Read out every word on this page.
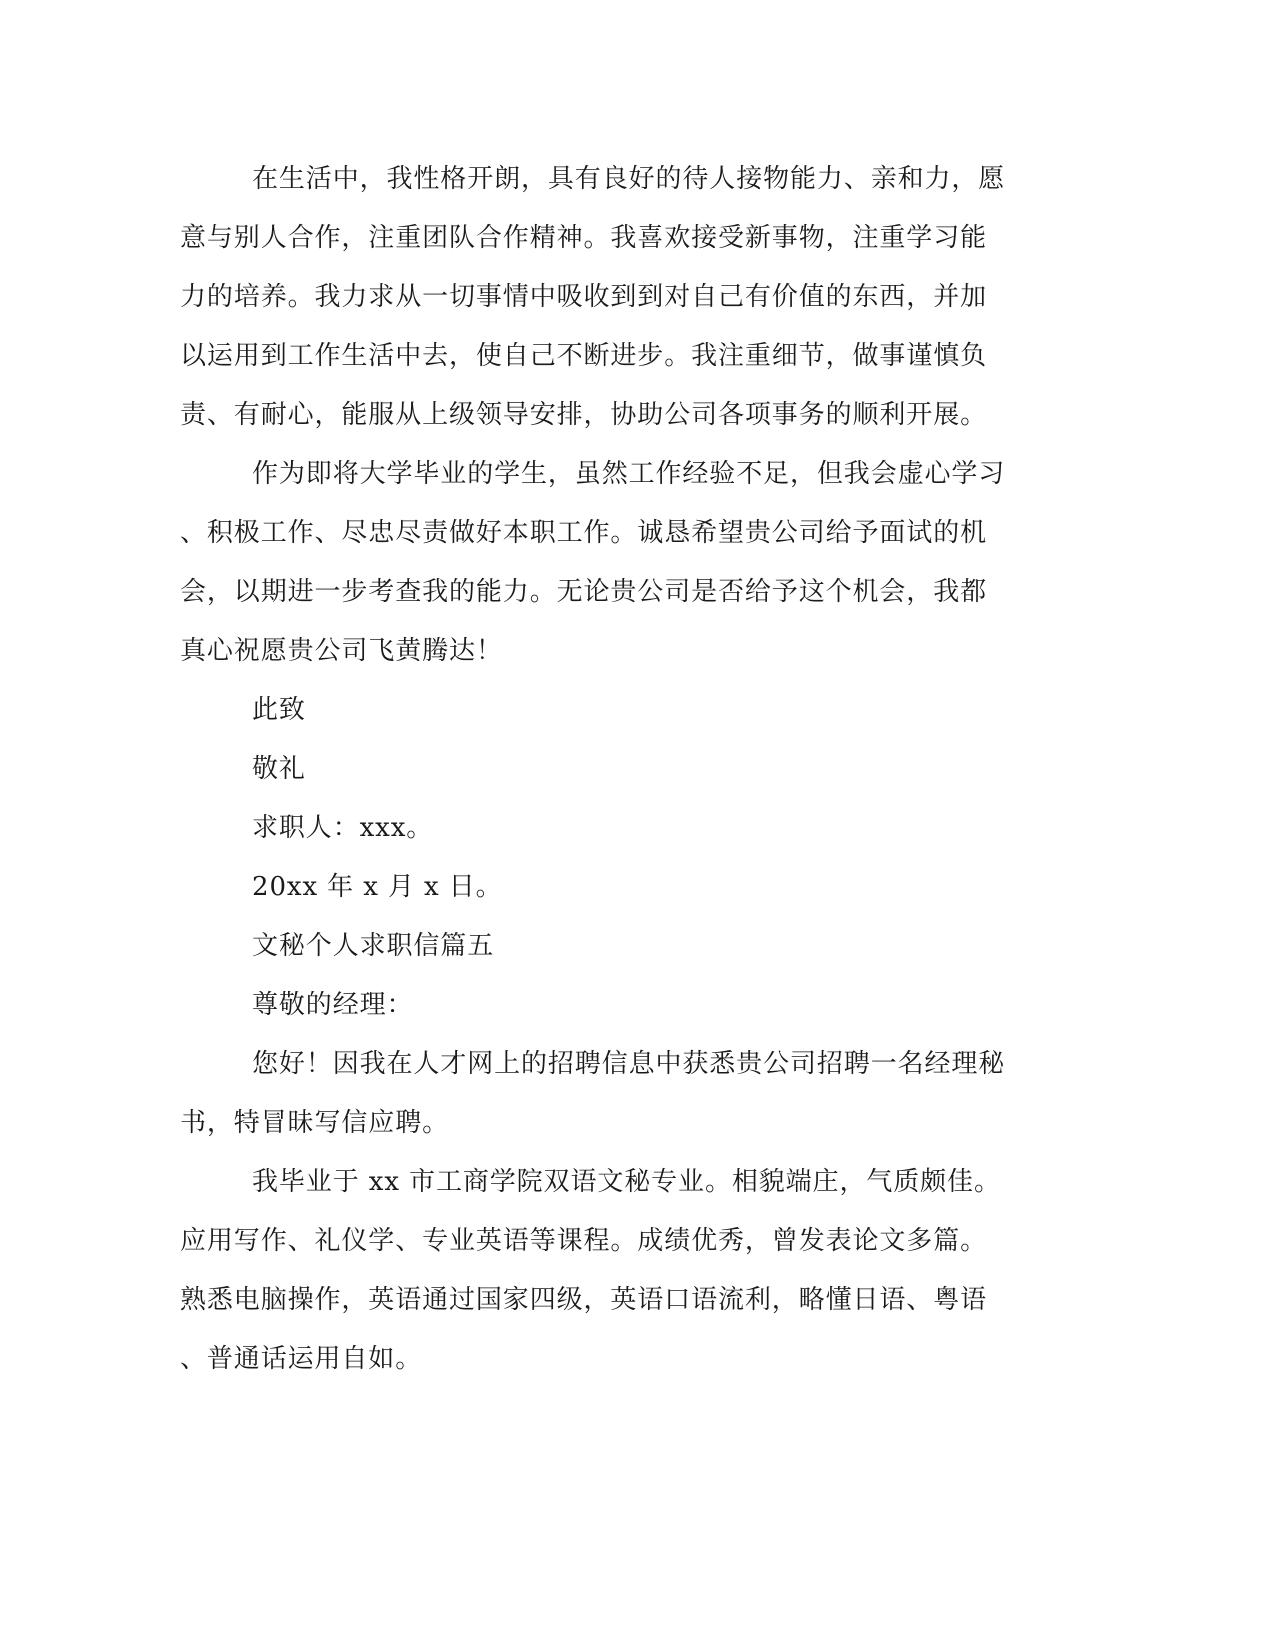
在生活中，我性格开朗，具有良好的待人接物能力、亲和力，愿
意与别人合作，注重团队合作精神。我喜欢接受新事物，注重学习能
力的培养。我力求从一切事情中吸收到到对自己有价值的东西，并加
以运用到工作生活中去，使自己不断进步。我注重细节，做事谨慎负
责、有耐心，能服从上级领导安排，协助公司各项事务的顺利开展。
作为即将大学毕业的学生，虽然工作经验不足，但我会虚心学习
、积极工作、尽忠尽责做好本职工作。诚恳希望贵公司给予面试的机
会，以期进一步考查我的能力。无论贵公司是否给予这个机会，我都
真心祝愿贵公司飞黄腾达！
此致
敬礼
求职人：xxx。
20xx 年 x 月 x 日。
文秘个人求职信篇五
尊敬的经理：
您好！因我在人才网上的招聘信息中获悉贵公司招聘一名经理秘
书，特冒昧写信应聘。
我毕业于 xx 市工商学院双语文秘专业。相貌端庄，气质颇佳。
应用写作、礼仪学、专业英语等课程。成绩优秀，曾发表论文多篇。
熟悉电脑操作，英语通过国家四级，英语口语流利，略懂日语、粤语
、普通话运用自如。
